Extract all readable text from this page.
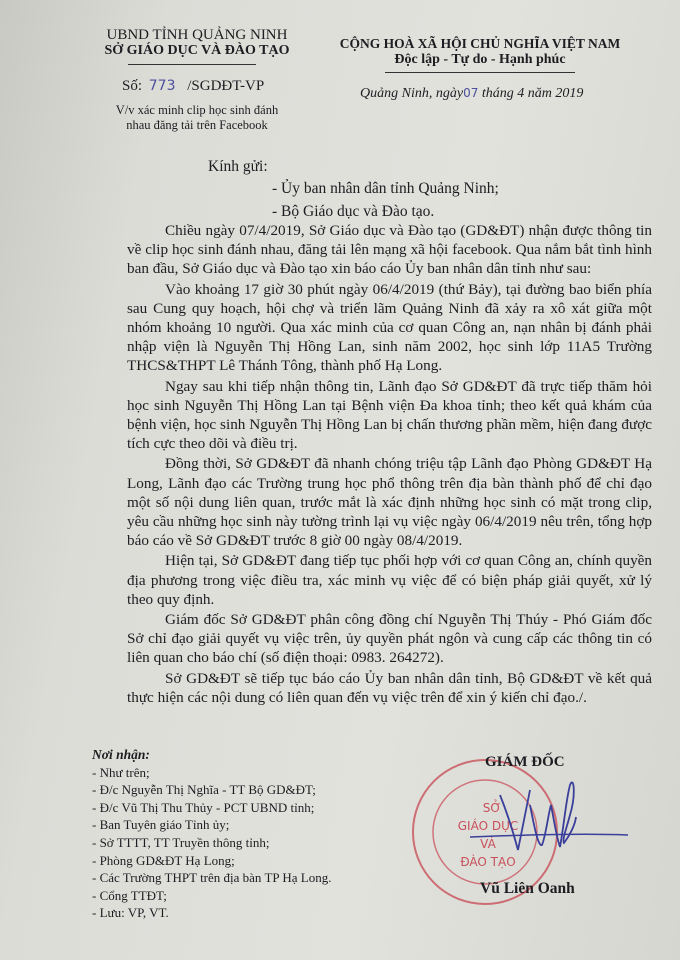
UBND TỈNH QUẢNG NINH
SỞ GIÁO DỤC VÀ ĐÀO TẠO
Số: 773 /SGDĐT-VP
V/v xác minh clip học sinh đánh
nhau đăng tải trên Facebook
CỘNG HOÀ XÃ HỘI CHỦ NGHĨA VIỆT NAM
Độc lập - Tự do - Hạnh phúc
Quảng Ninh, ngày07 tháng 4 năm 2019
Kính gửi:
- Ủy ban nhân dân tỉnh Quảng Ninh;
- Bộ Giáo dục và Đào tạo.

Chiều ngày 07/4/2019, Sở Giáo dục và Đào tạo (GD&ĐT) nhận được thông tin về clip học sinh đánh nhau, đăng tải lên mạng xã hội facebook. Qua nắm bắt tình hình ban đầu, Sở Giáo dục và Đào tạo xin báo cáo Ủy ban nhân dân tỉnh như sau:

Vào khoảng 17 giờ 30 phút ngày 06/4/2019 (thứ Bảy), tại đường bao biển phía sau Cung quy hoạch, hội chợ và triển lãm Quảng Ninh đã xảy ra xô xát giữa một nhóm khoảng 10 người. Qua xác minh của cơ quan Công an, nạn nhân bị đánh phải nhập viện là Nguyễn Thị Hồng Lan, sinh năm 2002, học sinh lớp 11A5 Trường THCS&THPT Lê Thánh Tông, thành phố Hạ Long.

Ngay sau khi tiếp nhận thông tin, Lãnh đạo Sở GD&ĐT đã trực tiếp thăm hỏi học sinh Nguyễn Thị Hồng Lan tại Bệnh viện Đa khoa tỉnh; theo kết quả khám của bệnh viện, học sinh Nguyễn Thị Hồng Lan bị chấn thương phần mềm, hiện đang được tích cực theo dõi và điều trị.

Đồng thời, Sở GD&ĐT đã nhanh chóng triệu tập Lãnh đạo Phòng GD&ĐT Hạ Long, Lãnh đạo các Trường trung học phổ thông trên địa bàn thành phố để chỉ đạo một số nội dung liên quan, trước mắt là xác định những học sinh có mặt trong clip, yêu cầu những học sinh này tường trình lại vụ việc ngày 06/4/2019 nêu trên, tổng hợp báo cáo về Sở GD&ĐT trước 8 giờ 00 ngày 08/4/2019.

Hiện tại, Sở GD&ĐT đang tiếp tục phối hợp với cơ quan Công an, chính quyền địa phương trong việc điều tra, xác minh vụ việc để có biện pháp giải quyết, xử lý theo quy định.

Giám đốc Sở GD&ĐT phân công đồng chí Nguyễn Thị Thúy - Phó Giám đốc Sở chỉ đạo giải quyết vụ việc trên, ủy quyền phát ngôn và cung cấp các thông tin có liên quan cho báo chí (số điện thoại: 0983. 264272).

Sở GD&ĐT sẽ tiếp tục báo cáo Ủy ban nhân dân tỉnh, Bộ GD&ĐT về kết quả thực hiện các nội dung có liên quan đến vụ việc trên để xin ý kiến chỉ đạo./.

Nơi nhận:
- Như trên;
- Đ/c Nguyễn Thị Nghĩa - TT Bộ GD&ĐT;
- Đ/c Vũ Thị Thu Thủy - PCT UBND tỉnh;
- Ban Tuyên giáo Tỉnh ủy;
- Sở TTTT, TT Truyền thông tỉnh;
- Phòng GD&ĐT Hạ Long;
- Các Trường THPT trên địa bàn TP Hạ Long.
- Cổng TTĐT;
- Lưu: VP, VT.
SỞ
GIÁO DỤC
VÀ
ĐÀO TẠO
GIÁM ĐỐC
Vũ Liên Oanh
